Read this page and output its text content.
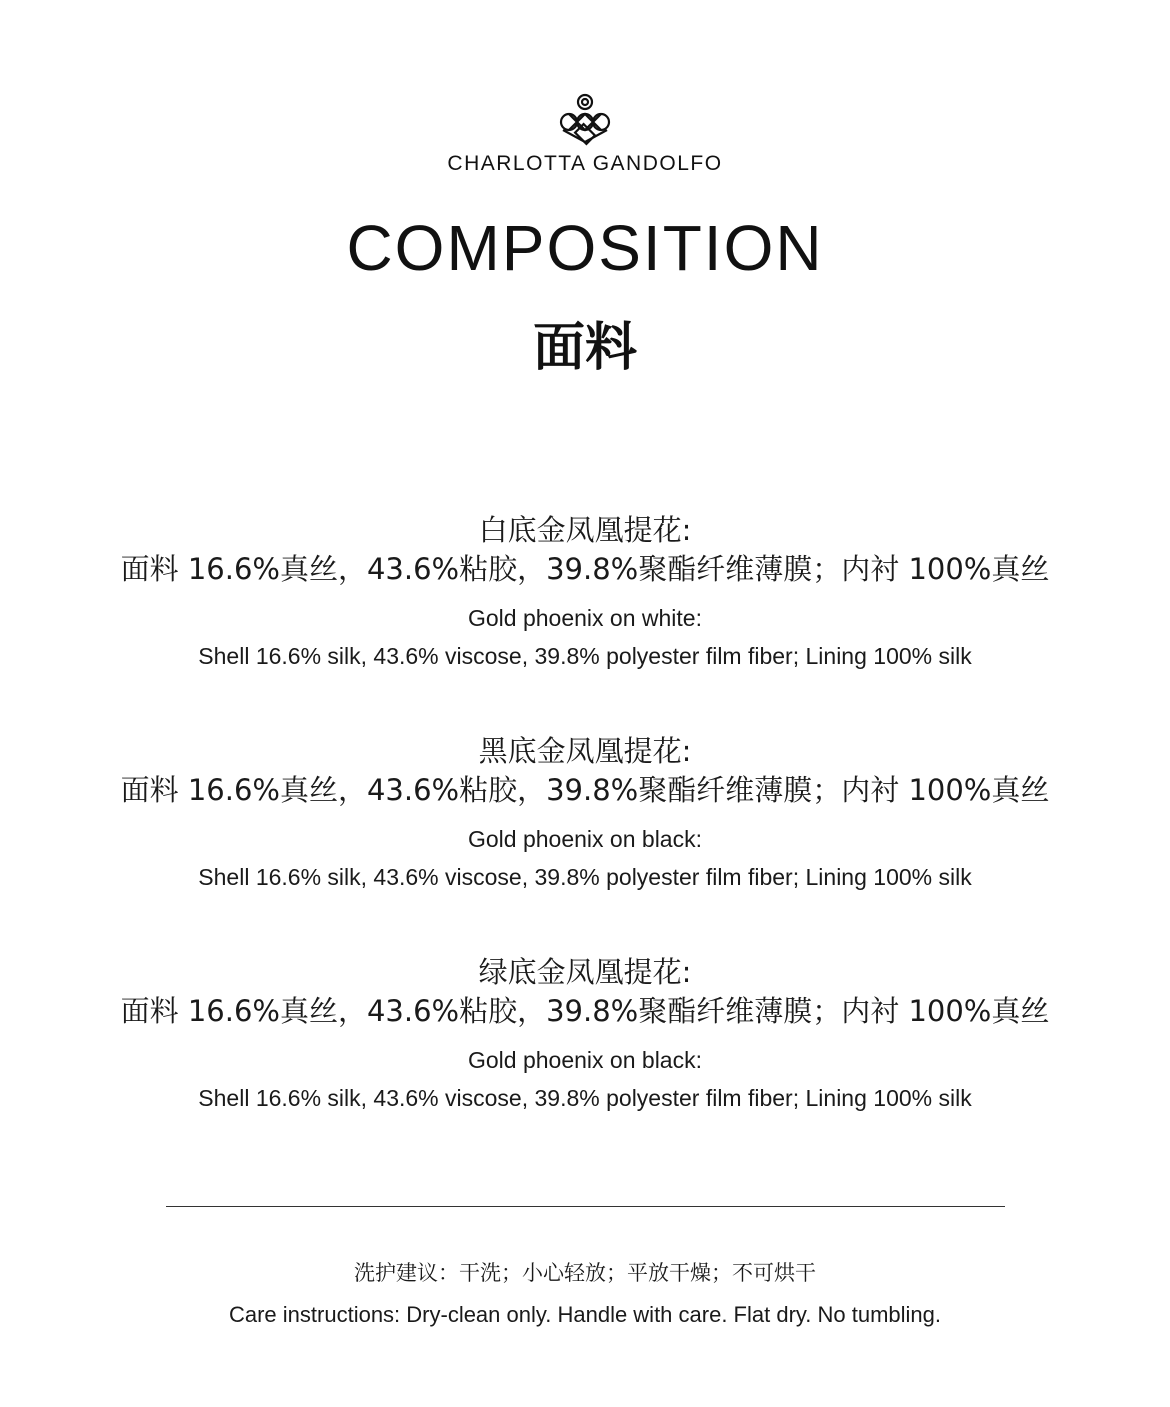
CHARLOTTA GANDOLFO
COMPOSITION
面料
白底金凤凰提花:
面料 16.6%真丝，43.6%粘胶，39.8%聚酯纤维薄膜；内衬 100%真丝
Gold phoenix on white:
Shell 16.6% silk, 43.6% viscose, 39.8% polyester film fiber; Lining 100% silk
黑底金凤凰提花:
面料 16.6%真丝，43.6%粘胶，39.8%聚酯纤维薄膜；内衬 100%真丝
Gold phoenix on black:
Shell 16.6% silk, 43.6% viscose, 39.8% polyester film fiber; Lining 100% silk
绿底金凤凰提花:
面料 16.6%真丝，43.6%粘胶，39.8%聚酯纤维薄膜；内衬 100%真丝
Gold phoenix on black:
Shell 16.6% silk, 43.6% viscose, 39.8% polyester film fiber; Lining 100% silk
洗护建议：干洗；小心轻放；平放干燥；不可烘干
Care instructions: Dry-clean only. Handle with care. Flat dry. No tumbling.
